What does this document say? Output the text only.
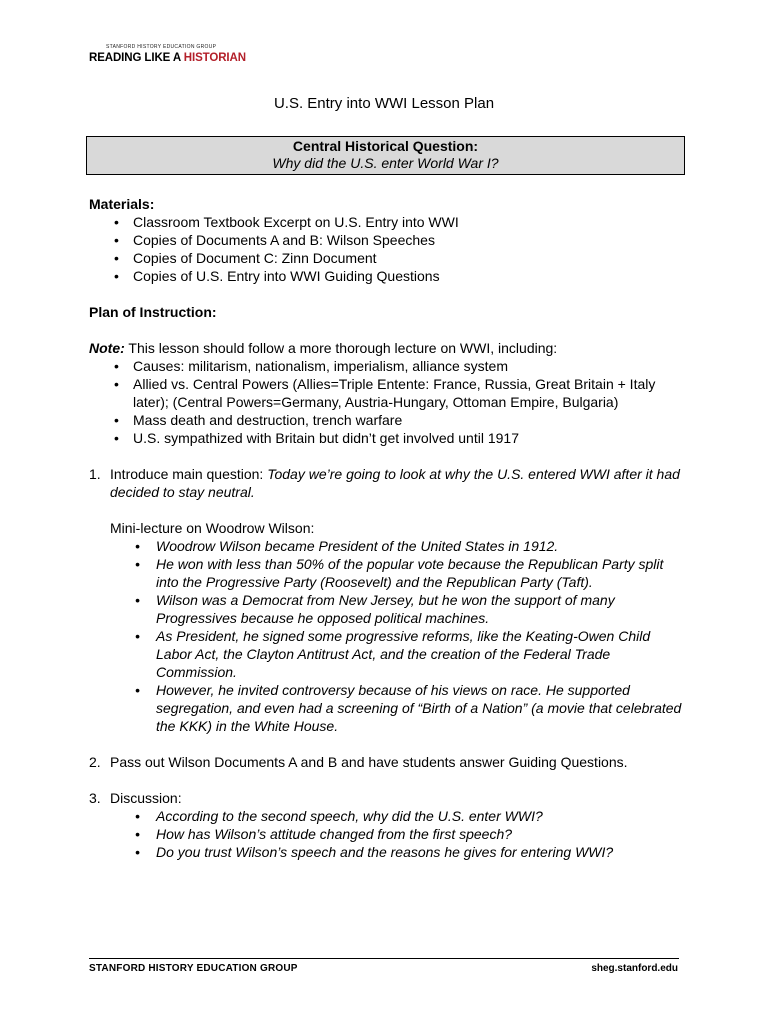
STANFORD HISTORY EDUCATION GROUP
READING LIKE A HISTORIAN
U.S. Entry into WWI Lesson Plan
Central Historical Question:
Why did the U.S. enter World War I?

Materials:

• Classroom Textbook Excerpt on U.S. Entry into WWI
• Copies of Documents A and B: Wilson Speeches
• Copies of Document C: Zinn Document
• Copies of U.S. Entry into WWI Guiding Questions

Plan of Instruction:

Note: This lesson should follow a more thorough lecture on WWI, including:

• Causes: militarism, nationalism, imperialism, alliance system
• Allied vs. Central Powers (Allies=Triple Entente: France, Russia, Great Britain + Italy later); (Central Powers=Germany, Austria-Hungary, Ottoman Empire, Bulgaria)
• Mass death and destruction, trench warfare
• U.S. sympathized with Britain but didn’t get involved until 1917
1. Introduce main question: Today we’re going to look at why the U.S. entered WWI after it had decided to stay neutral.

Mini-lecture on Woodrow Wilson:

• Woodrow Wilson became President of the United States in 1912.
• He won with less than 50% of the popular vote because the Republican Party split into the Progressive Party (Roosevelt) and the Republican Party (Taft).
• Wilson was a Democrat from New Jersey, but he won the support of many Progressives because he opposed political machines.
• As President, he signed some progressive reforms, like the Keating-Owen Child Labor Act, the Clayton Antitrust Act, and the creation of the Federal Trade Commission.
• However, he invited controversy because of his views on race. He supported segregation, and even had a screening of “Birth of a Nation” (a movie that celebrated the KKK) in the White House.
2. Pass out Wilson Documents A and B and have students answer Guiding Questions.
3. Discussion:
• According to the second speech, why did the U.S. enter WWI?
• How has Wilson’s attitude changed from the first speech?
• Do you trust Wilson’s speech and the reasons he gives for entering WWI?
STANFORD HISTORY EDUCATION GROUP	sheg.stanford.edu
